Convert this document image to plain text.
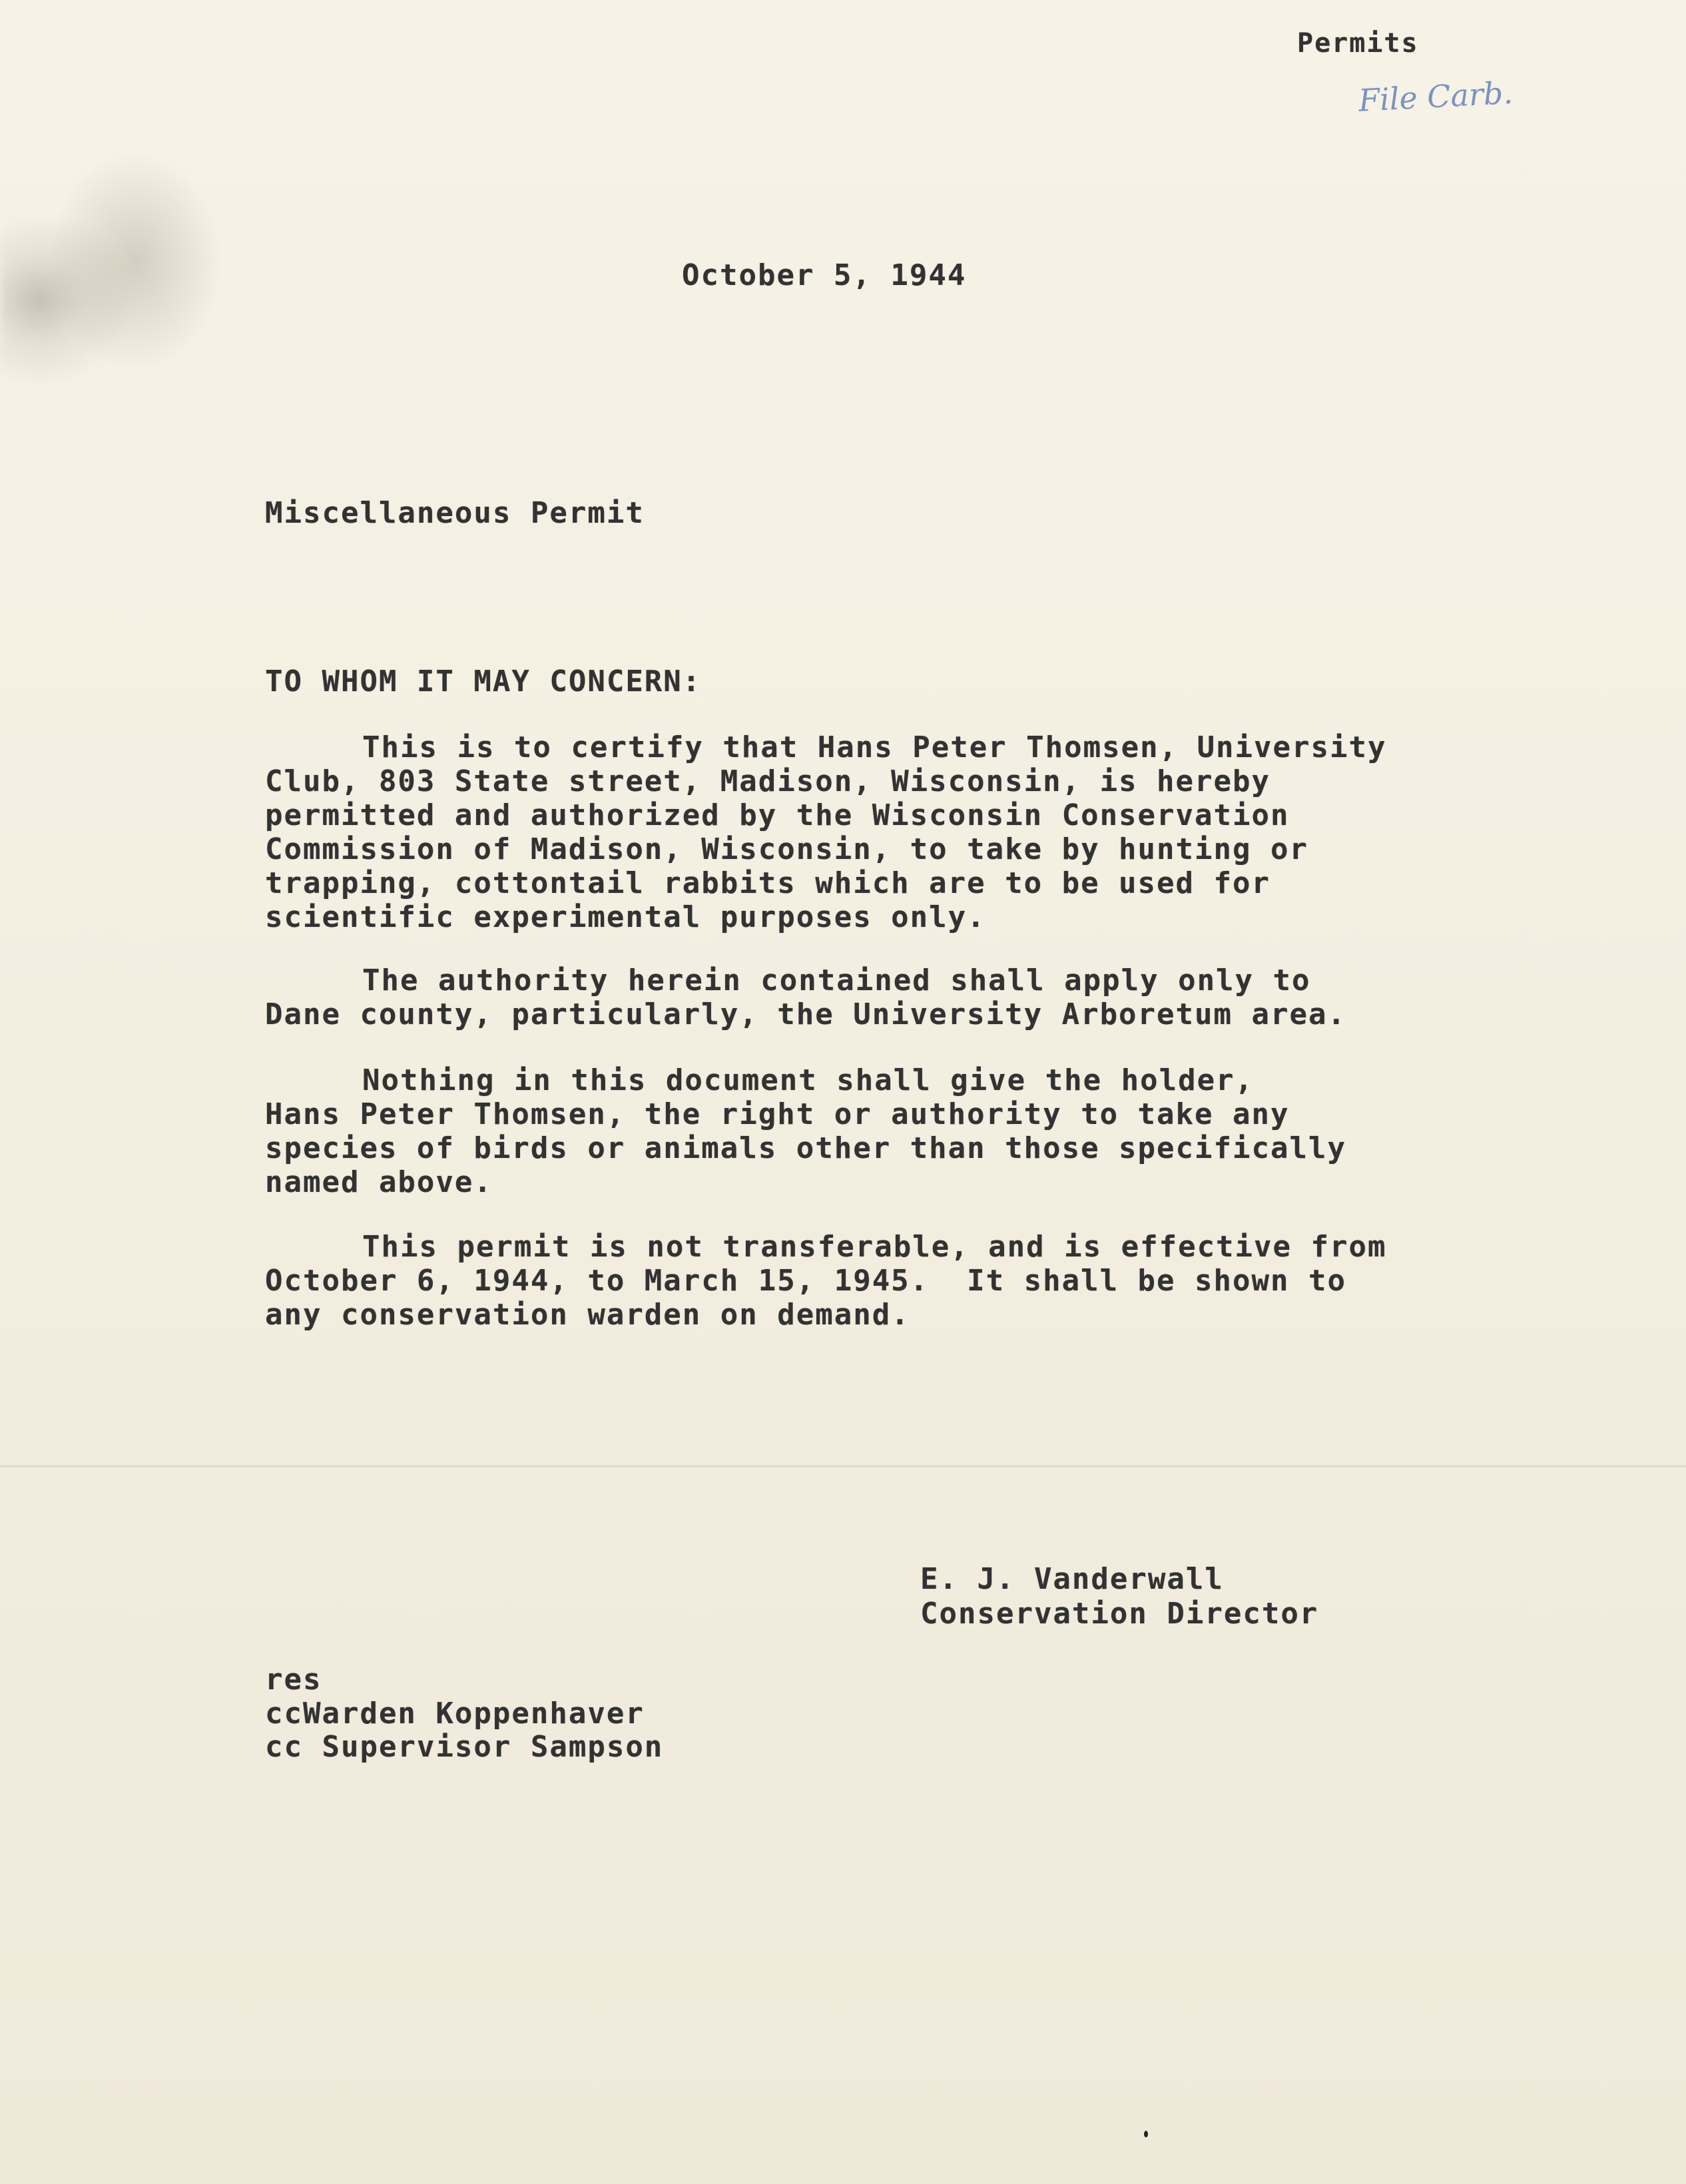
Permits
File Carb.
October 5, 1944
Miscellaneous Permit
TO WHOM IT MAY CONCERN:
This is to certify that Hans Peter Thomsen, University
Club, 803 State street, Madison, Wisconsin, is hereby
permitted and authorized by the Wisconsin Conservation
Commission of Madison, Wisconsin, to take by hunting or
trapping, cottontail rabbits which are to be used for
scientific experimental purposes only.
The authority herein contained shall apply only to
Dane county, particularly, the University Arboretum area.
Nothing in this document shall give the holder,
Hans Peter Thomsen, the right or authority to take any
species of birds or animals other than those specifically
named above.
This permit is not transferable, and is effective from
October 6, 1944, to March 15, 1945.  It shall be shown to
any conservation warden on demand.
E. J. Vanderwall
Conservation Director
res
ccWarden Koppenhaver
cc Supervisor Sampson
